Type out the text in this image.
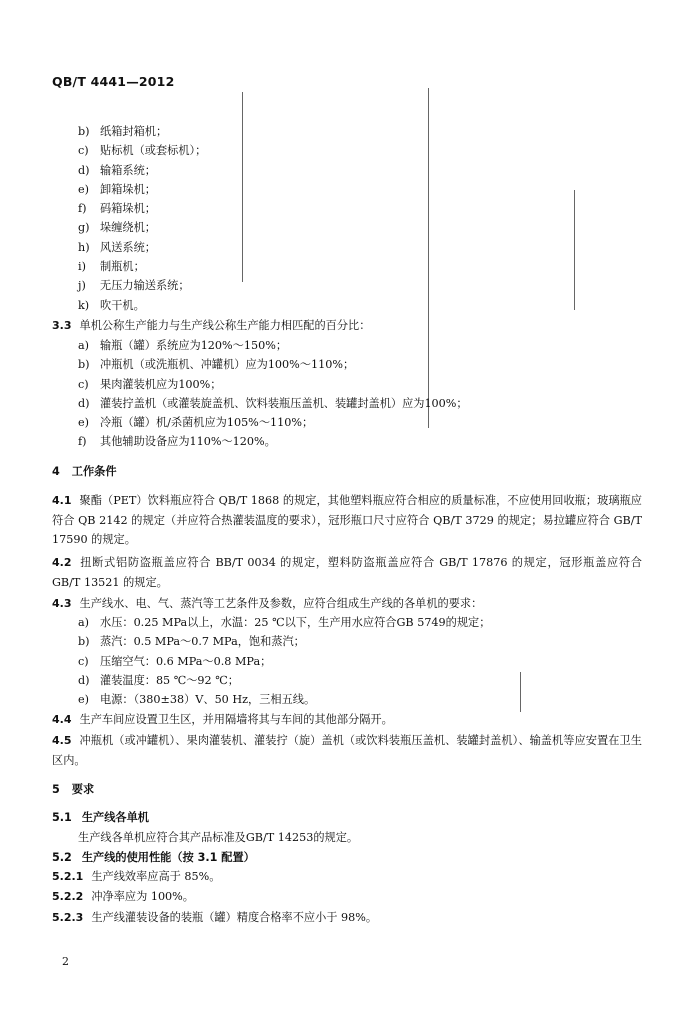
QB/T 4441—2012
b) 纸箱封箱机；
c) 贴标机（或套标机）；
d) 输箱系统；
e) 卸箱垛机；
f) 码箱垛机；
g) 垛缠绕机；
h) 风送系统；
i) 制瓶机；
j) 无压力输送系统；
k) 吹干机。
3.3 单机公称生产能力与生产线公称生产能力相匹配的百分比：
a) 输瓶（罐）系统应为120%～150%；
b) 冲瓶机（或洗瓶机、冲罐机）应为100%～110%；
c) 果肉灌装机应为100%；
d) 灌装拧盖机（或灌装旋盖机、饮料装瓶压盖机、装罐封盖机）应为100%；
e) 冷瓶（罐）机/杀菌机应为105%～110%；
f) 其他辅助设备应为110%～120%。
4 工作条件
4.1 聚酯（PET）饮料瓶应符合 QB/T 1868 的规定，其他塑料瓶应符合相应的质量标准，不应使用回收瓶；玻璃瓶应符合 QB 2142 的规定（并应符合热灌装温度的要求），冠形瓶口尺寸应符合 QB/T 3729 的规定；易拉罐应符合 GB/T 17590 的规定。
4.2 扭断式铝防盗瓶盖应符合 BB/T 0034 的规定，塑料防盗瓶盖应符合 GB/T 17876 的规定，冠形瓶盖应符合 GB/T 13521 的规定。
4.3 生产线水、电、气、蒸汽等工艺条件及参数，应符合组成生产线的各单机的要求：
a) 水压：0.25 MPa以上，水温：25 ℃以下，生产用水应符合GB 5749的规定；
b) 蒸汽：0.5 MPa～0.7 MPa，饱和蒸汽；
c) 压缩空气：0.6 MPa～0.8 MPa；
d) 灌装温度：85 ℃～92 ℃；
e) 电源：（380±38）V、50 Hz，三相五线。
4.4 生产车间应设置卫生区，并用隔墙将其与车间的其他部分隔开。
4.5 冲瓶机（或冲罐机）、果肉灌装机、灌装拧（旋）盖机（或饮料装瓶压盖机、装罐封盖机）、输盖机等应安置在卫生区内。
5 要求
5.1 生产线各单机
生产线各单机应符合其产品标准及GB/T 14253的规定。
5.2 生产线的使用性能（按 3.1 配置）
5.2.1 生产线效率应高于 85%。
5.2.2 冲净率应为 100%。
5.2.3 生产线灌装设备的装瓶（罐）精度合格率不应小于 98%。
2
